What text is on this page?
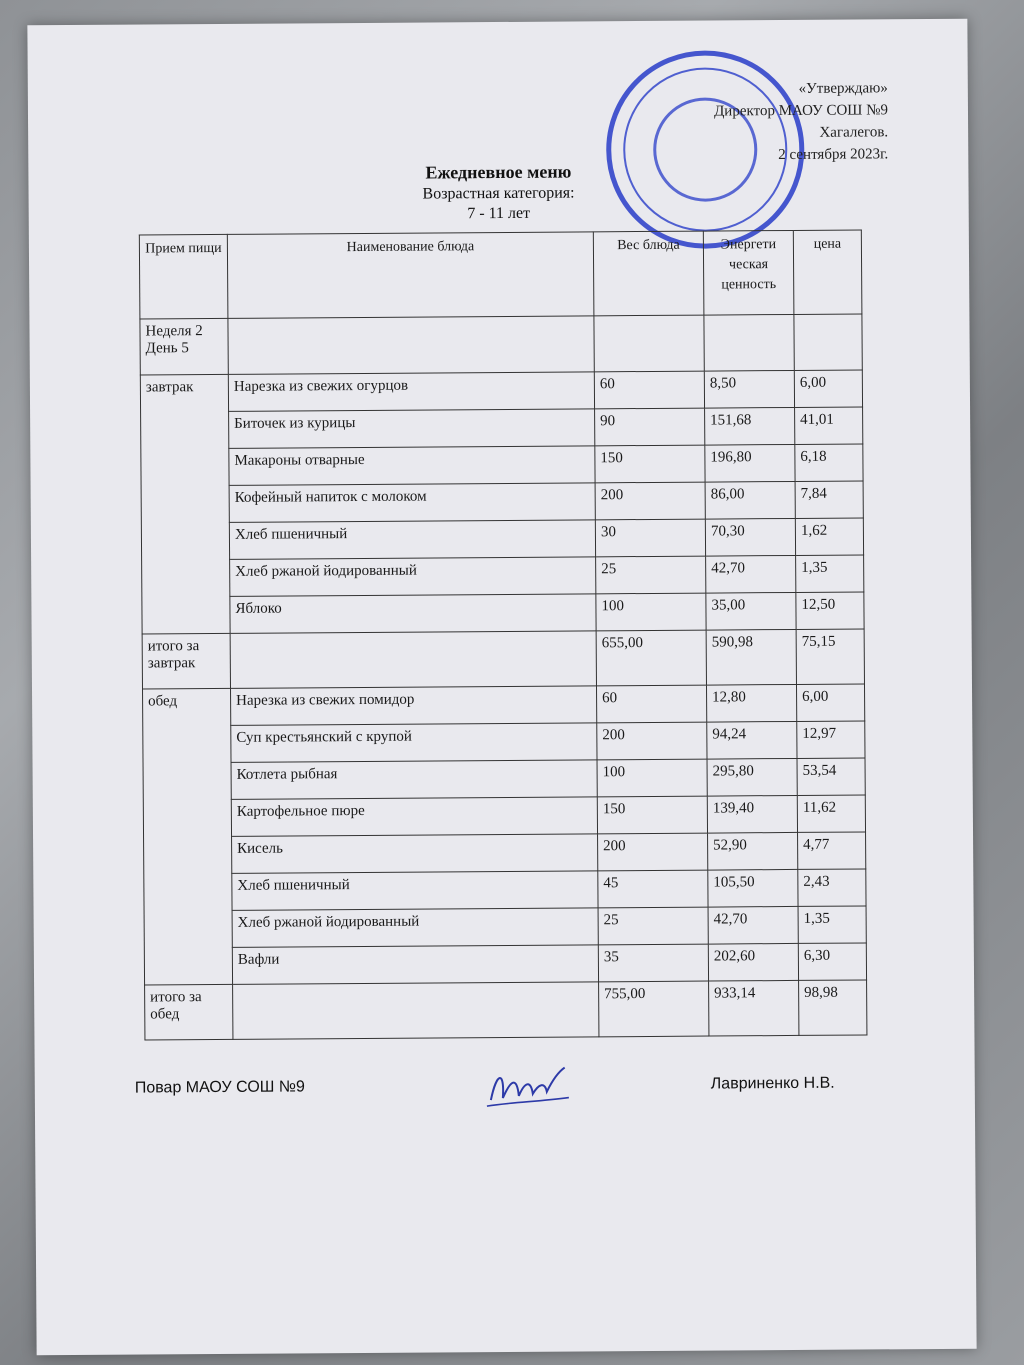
«Утверждаю»
Директор МАОУ СОШ №9
Хагалегов.
2 сентября 2023г.
Ежедневное меню
Возрастная категория:
7 - 11 лет
Прием пищи	Наименование блюда	Вес блюда	Энергети ческая ценность	цена
Неделя 2 День 5				
завтрак	Нарезка из свежих огурцов	60	8,50	6,00
	Биточек из курицы	90	151,68	41,01
	Макароны отварные	150	196,80	6,18
	Кофейный напиток с молоком	200	86,00	7,84
	Хлеб пшеничный	30	70,30	1,62
	Хлеб ржаной йодированный	25	42,70	1,35
	Яблоко	100	35,00	12,50
итого за завтрак		655,00	590,98	75,15
обед	Нарезка из свежих помидор	60	12,80	6,00
	Суп крестьянский с крупой	200	94,24	12,97
	Котлета рыбная	100	295,80	53,54
	Картофельное пюре	150	139,40	11,62
	Кисель	200	52,90	4,77
	Хлеб пшеничный	45	105,50	2,43
	Хлеб ржаной йодированный	25	42,70	1,35
	Вафли	35	202,60	6,30
итого за обед		755,00	933,14	98,98
Повар МАОУ СОШ №9	Лавриненко Н.В.
